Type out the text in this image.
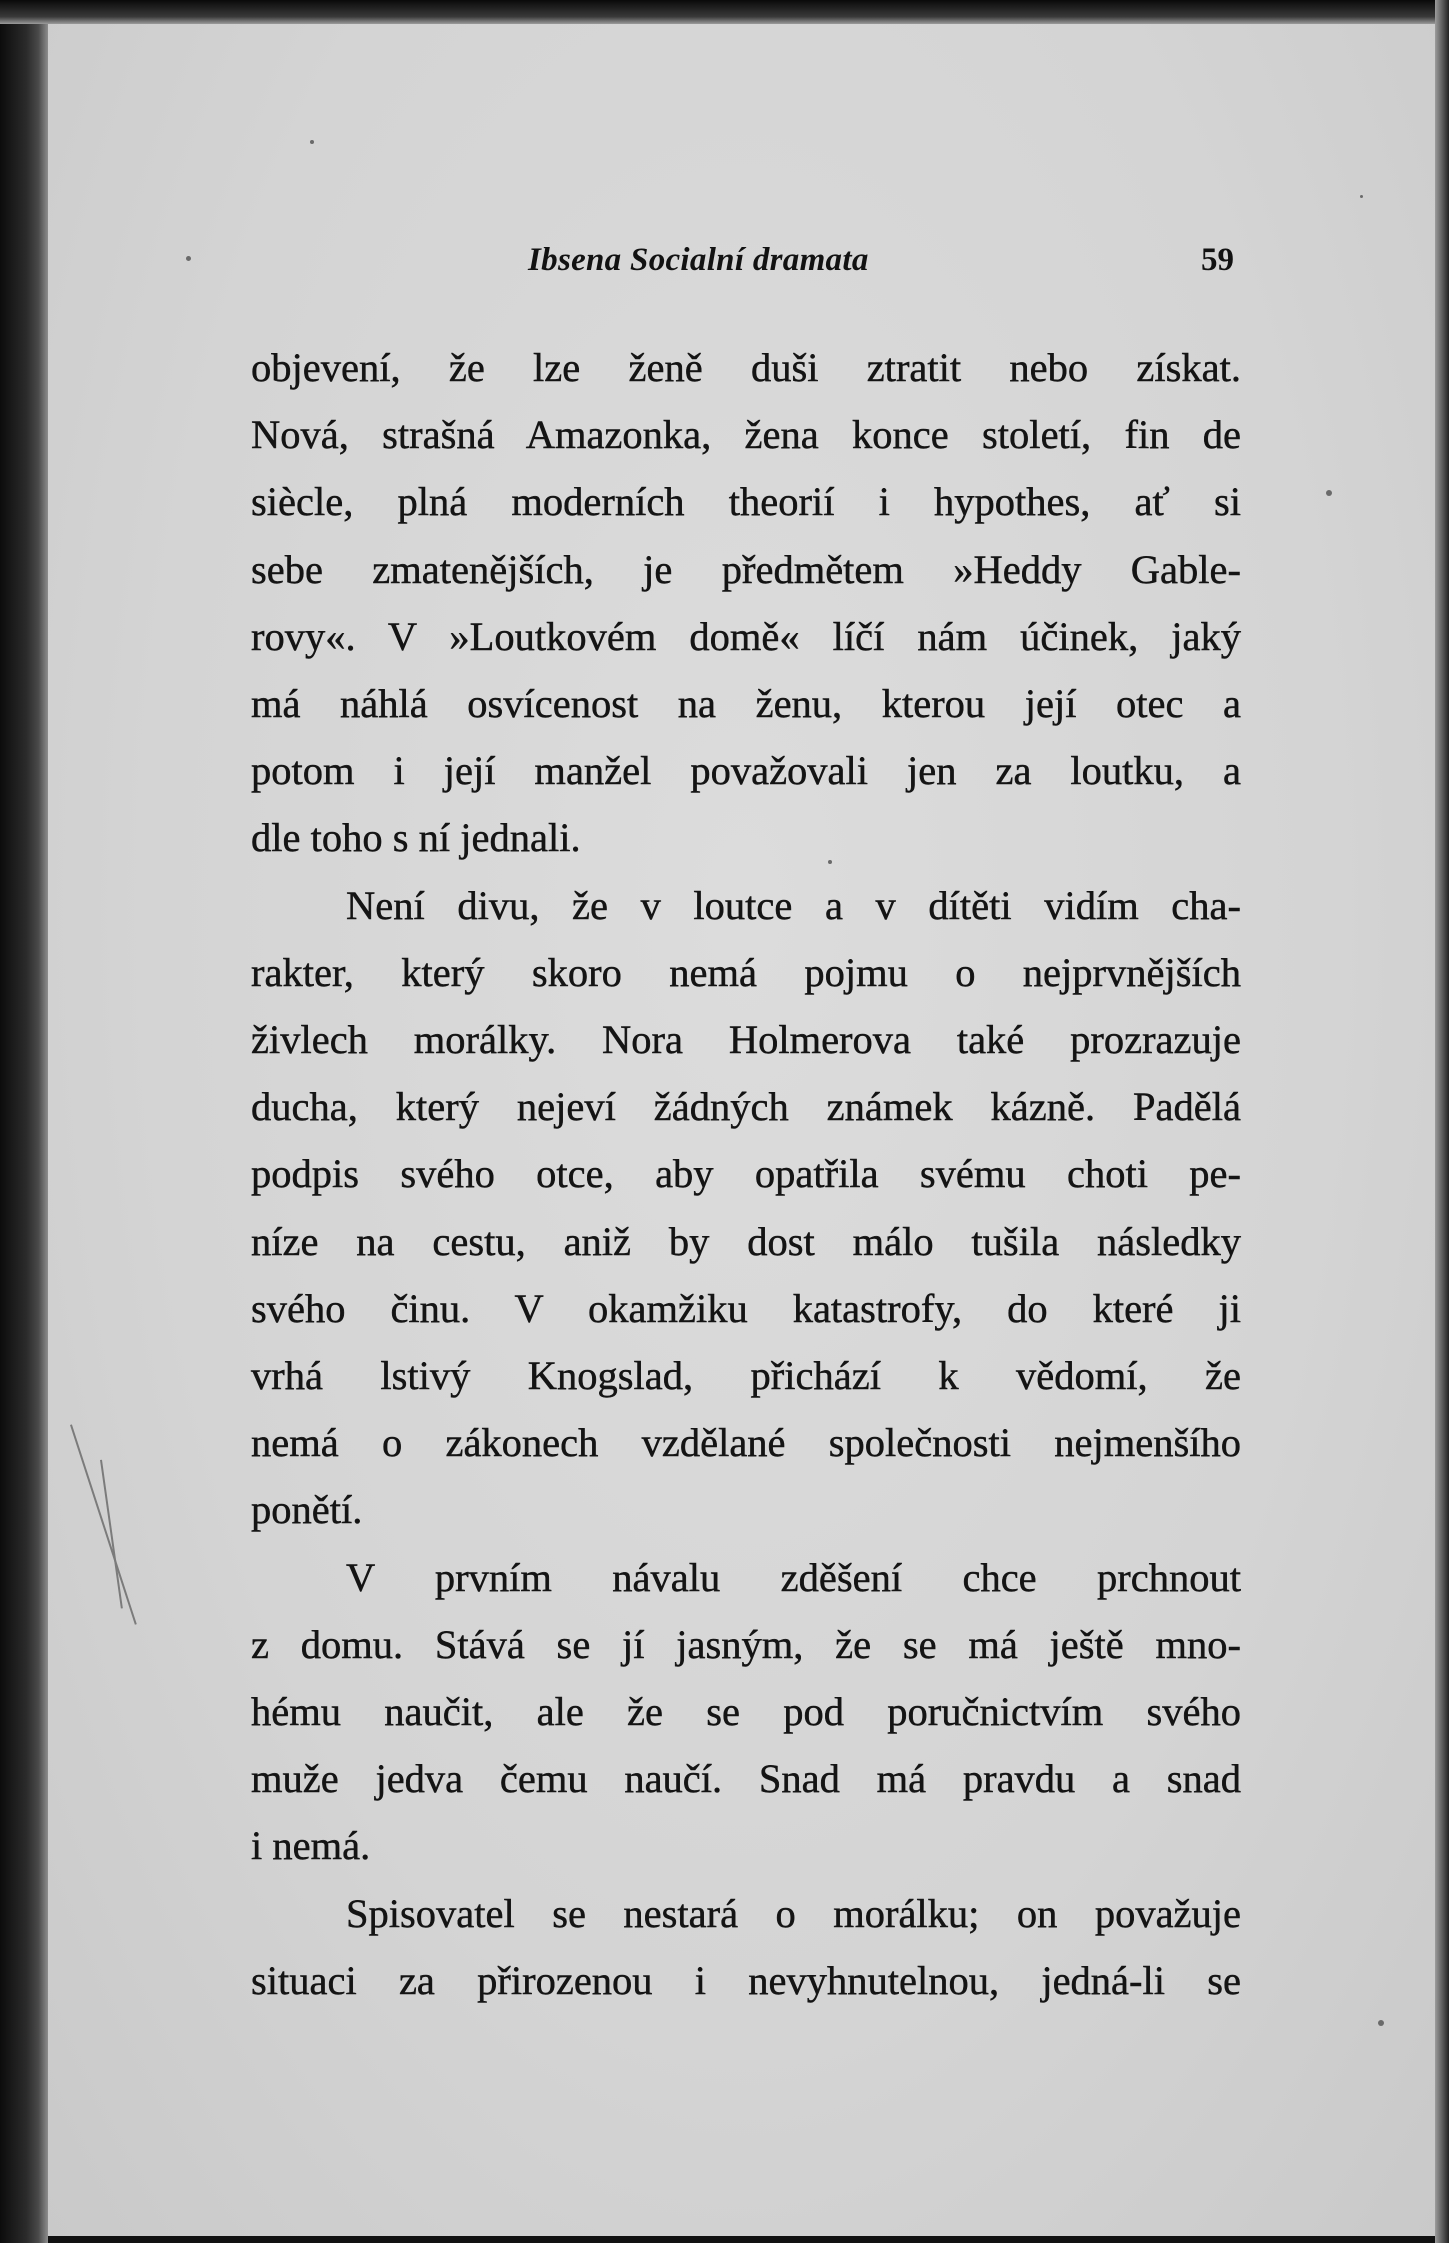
Ibsena Socialní dramata	59
objevení, že lze ženě duši ztratit nebo získat.
Nová, strašná Amazonka, žena konce století, fin de
siècle, plná moderních theorií i hypothes, ať si
sebe zmatenějších, je předmětem »Heddy Gable-
rovy«. V »Loutkovém domě« líčí nám účinek, jaký
má náhlá osvícenost na ženu, kterou její otec a
potom i její manžel považovali jen za loutku, a
dle toho s ní jednali.
Není divu, že v loutce a v dítěti vidím cha-
rakter, který skoro nemá pojmu o nejprvnějších
živlech morálky. Nora Holmerova také prozrazuje
ducha, který nejeví žádných známek kázně. Padělá
podpis svého otce, aby opatřila svému choti pe-
níze na cestu, aniž by dost málo tušila následky
svého činu. V okamžiku katastrofy, do které ji
vrhá lstivý Knogslad, přichází k vědomí, že
nemá o zákonech vzdělané společnosti nejmenšího
ponětí.
V prvním návalu zděšení chce prchnout
z domu. Stává se jí jasným, že se má ještě mno-
hému naučit, ale že se pod poručnictvím svého
muže jedva čemu naučí. Snad má pravdu a snad
i nemá.
Spisovatel se nestará o morálku; on považuje
situaci za přirozenou i nevyhnutelnou, jedná-li se
